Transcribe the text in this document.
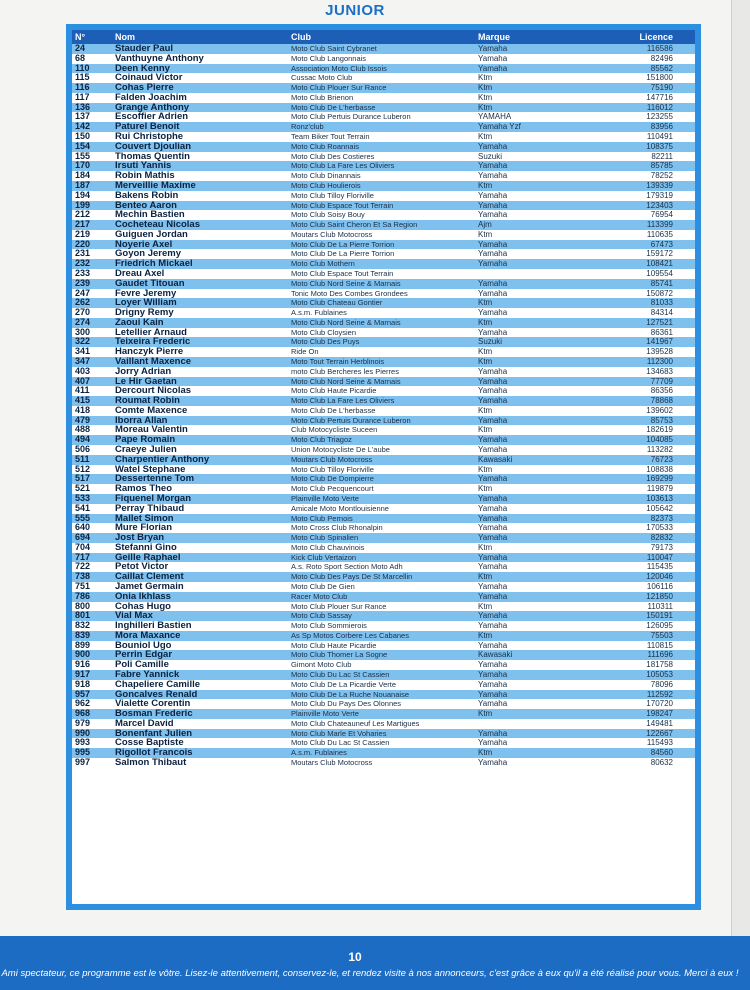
JUNIOR
N°	Nom	Club	Marque	Licence
24	Stauder Paul	Moto Club Saint Cybranet	Yamaha	116586
68	Vanthuyne Anthony	Moto Club Langonnais	Yamaha	82496
110	Deen Kenny	Association Moto Club Issois	Yamaha	85562
115	Coinaud Victor	Cussac Moto Club	Ktm	151800
116	Cohas Pierre	Moto Club Plouer Sur Rance	Ktm	75190
117	Falden Joachim	Moto Club Brienon	Ktm	147716
136	Grange Anthony	Moto Club De L'herbasse	Ktm	116012
137	Escoffier Adrien	Moto Club Pertuis Durance Luberon	YAMAHA	123255
142	Paturel Benoit	Ronz'club	Yamaha Yzf	83956
150	Rui Christophe	Team Biker Tout Terrain	Ktm	110491
154	Couvert Djoulian	Moto Club Roannais	Yamaha	108375
155	Thomas Quentin	Moto Club Des Costieres	Suzuki	82211
170	Irsuti Yannis	Moto Club La Fare Les Oliviers	Yamaha	85785
184	Robin Mathis	Moto Club Dinannais	Yamaha	78252
187	Merveillie Maxime	Moto Club Houlierois	Ktm	139339
194	Bakens Robin	Moto Club Tilloy Floriville	Yamaha	179319
199	Benteo Aaron	Moto Club Espace Tout Terrain	Yamaha	123403
212	Mechin Bastien	Moto Club Soisy Bouy	Yamaha	76954
217	Cocheteau Nicolas	Moto Club Saint Cheron Et Sa Region	Ajm	113399
219	Guiguen Jordan	Moutars Club Motocross	Ktm	110635
220	Noyerie Axel	Moto Club De La Pierre Torrion	Yamaha	67473
231	Goyon Jeremy	Moto Club De La Pierre Torrion	Yamaha	159172
232	Friedrich Mickael	Moto Club Mothern	Yamaha	108421
233	Dreau Axel	Moto Club Espace Tout Terrain		109554
239	Gaudet Titouan	Moto Club Nord Seine & Marnais	Yamaha	85741
247	Fevre Jeremy	Tonic Moto Des Combes Grondees	Yamaha	150872
262	Loyer William	Moto Club Chateau Gontier	Ktm	81033
270	Drigny Remy	A.s.m. Fublaines	Yamaha	84314
274	Zaoui Kain	Moto Club Nord Seine & Marnais	Ktm	127521
300	Letellier Arnaud	Moto Club Cloysien	Yamaha	86361
322	Teixeira Frederic	Moto Club Des Puys	Suzuki	141967
341	Hanczyk Pierre	Ride On	Ktm	139528
347	Vaillant Maxence	Moto Tout Terrain Herblinois	Ktm	112300
403	Jorry Adrian	moto Club Bercheres les Pierres	Yamaha	134683
407	Le Hir Gaetan	Moto Club Nord Seine & Marnais	Yamaha	77709
411	Dercourt Nicolas	Moto Club Haute Picardie	Yamaha	86356
415	Roumat Robin	Moto Club La Fare Les Oliviers	Yamaha	78868
418	Comte Maxence	Moto Club De L'herbasse	Ktm	139602
479	Iborra Allan	Moto Club Pertuis Durance Luberon	Yamaha	85753
488	Moreau Valentin	Club Motocycliste Suceen	Ktm	182619
494	Pape Romain	Moto Club Triagoz	Yamaha	104085
506	Craeye Julien	Union Motocycliste De L'aube	Yamaha	113282
511	Charpentier Anthony	Moutars Club Motocross	Kawasaki	76723
512	Watel Stephane	Moto Club Tilloy Floriville	Ktm	108838
517	Dessertenne Tom	Moto Club De Dompierre	Yamaha	169299
521	Ramos Theo	Moto Club Pecquencourt	Ktm	119879
533	Fiquenel Morgan	Plainville Moto Verte	Yamaha	103613
541	Perray Thibaud	Amicale Moto Montlouisienne	Yamaha	105642
555	Mallet Simon	Moto Club Pernois	Yamaha	82373
640	Mure Florian	Moto Cross Club Rhonalpin	Yamaha	170533
694	Jost Bryan	Moto Club Spinalien	Yamaha	82832
704	Stefanni Gino	Moto Club Chauvinois	Ktm	79173
717	Geille Raphael	Kick Club Vertaizon	Yamaha	110047
722	Petot Victor	A.s. Roto Sport Section Moto Adh	Yamaha	115435
738	Caillat Clement	Moto Club Des Pays De St Marcellin	Ktm	120046
751	Jamet Germain	Moto Club De Gien	Yamaha	106116
786	Onia Ikhlass	Racer Moto Club	Yamaha	121850
800	Cohas Hugo	Moto Club Plouer Sur Rance	Ktm	110311
801	Vial Max	Moto Club Sassay	Yamaha	150191
832	Inghilleri Bastien	Moto Club Sommierois	Yamaha	126095
839	Mora Maxance	As Sp Motos Corbere Les Cabanes	Ktm	75503
899	Bouniol Ugo	Moto Club Haute Picardie	Yamaha	110815
900	Perrin Edgar	Moto Club Thomer La Sogne	Kawasaki	111696
916	Poli Camille	Gimont Moto Club	Yamaha	181758
917	Fabre Yannick	Moto Club Du Lac St Cassien	Yamaha	105053
918	Chapeliere Camille	Moto Club De La Picardie Verte	Yamaha	78096
957	Goncalves Renald	Moto Club De La Ruche Nouanaise	Yamaha	112592
962	Vialette Corentin	Moto Club Du Pays Des Olonnes	Yamaha	170720
968	Bosman Frederic	Plainville Moto Verte	Ktm	198247
979	Marcel David	Moto Club Chateauneuf Les Martigues		149481
990	Bonenfant Julien	Moto Club Marle Et Voharies	Yamaha	122667
993	Cosse Baptiste	Moto Club Du Lac St Cassien	Yamaha	115493
995	Rigollot Francois	A.s.m. Fublaines	Ktm	84560
997	Salmon Thibaut	Moutars Club Motocross	Yamaha	80632
10
Ami spectateur, ce programme est le vôtre. Lisez-le attentivement, conservez-le, et rendez visite à nos annonceurs, c'est grâce à eux qu'il a été réalisé pour vous. Merci à eux !
